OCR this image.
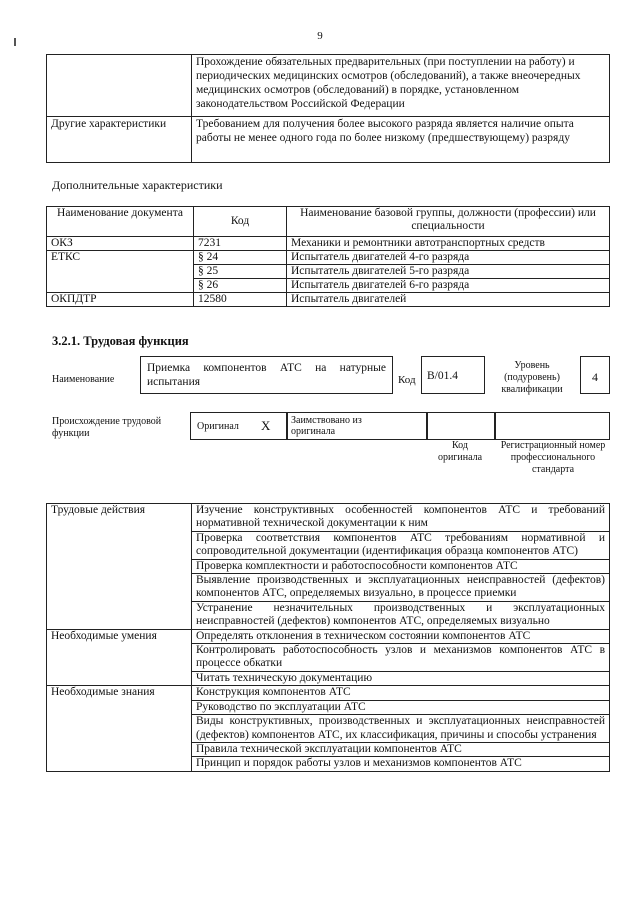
9
	Прохождение обязательных предварительных (при поступлении на работу) и периодических медицинских осмотров (обследований), а также внеочередных медицинских осмотров (обследований) в порядке, установленном законодательством Российской Федерации
Другие характеристики	Требованием для получения более высокого разряда является наличие опыта работы не менее одного года по более низкому (предшествующему) разряду
Дополнительные характеристики
Наименование документа	Код	Наименование базовой группы, должности (профессии) или специальности
ОКЗ	7231	Механики и ремонтники автотранспортных средств
ЕТКС	§ 24	Испытатель двигателей 4-го разряда
	§ 25	Испытатель двигателей 5-го разряда
	§ 26	Испытатель двигателей 6-го разряда
ОКПДТР	12580	Испытатель двигателей
3.2.1. Трудовая функция
Наименование
Приемка компонентов АТС на натурные испытания	Код B/01.4
Уровень (подуровень) квалификации
4
Происхождение трудовой функции
Оригинал X Заимствовано из оригинала
Код оригинала
Регистрационный номер профессионального стандарта
Трудовые действия	Изучение конструктивных особенностей компонентов АТС и требований нормативной технической документации к ним
	Проверка соответствия компонентов АТС требованиям нормативной и сопроводительной документации (идентификация образца компонентов АТС)
	Проверка комплектности и работоспособности компонентов АТС
	Выявление производственных и эксплуатационных неисправностей (дефектов) компонентов АТС, определяемых визуально, в процессе приемки
	Устранение незначительных производственных и эксплуатационных неисправностей (дефектов) компонентов АТС, определяемых визуально
Необходимые умения	Определять отклонения в техническом состоянии компонентов АТС
	Контролировать работоспособность узлов и механизмов компонентов АТС в процессе обкатки
	Читать техническую документацию
Необходимые знания	Конструкция компонентов АТС
	Руководство по эксплуатации АТС
	Виды конструктивных, производственных и эксплуатационных неисправностей (дефектов) компонентов АТС, их классификация, причины и способы устранения
	Правила технической эксплуатации компонентов АТС
	Принцип и порядок работы узлов и механизмов компонентов АТС
